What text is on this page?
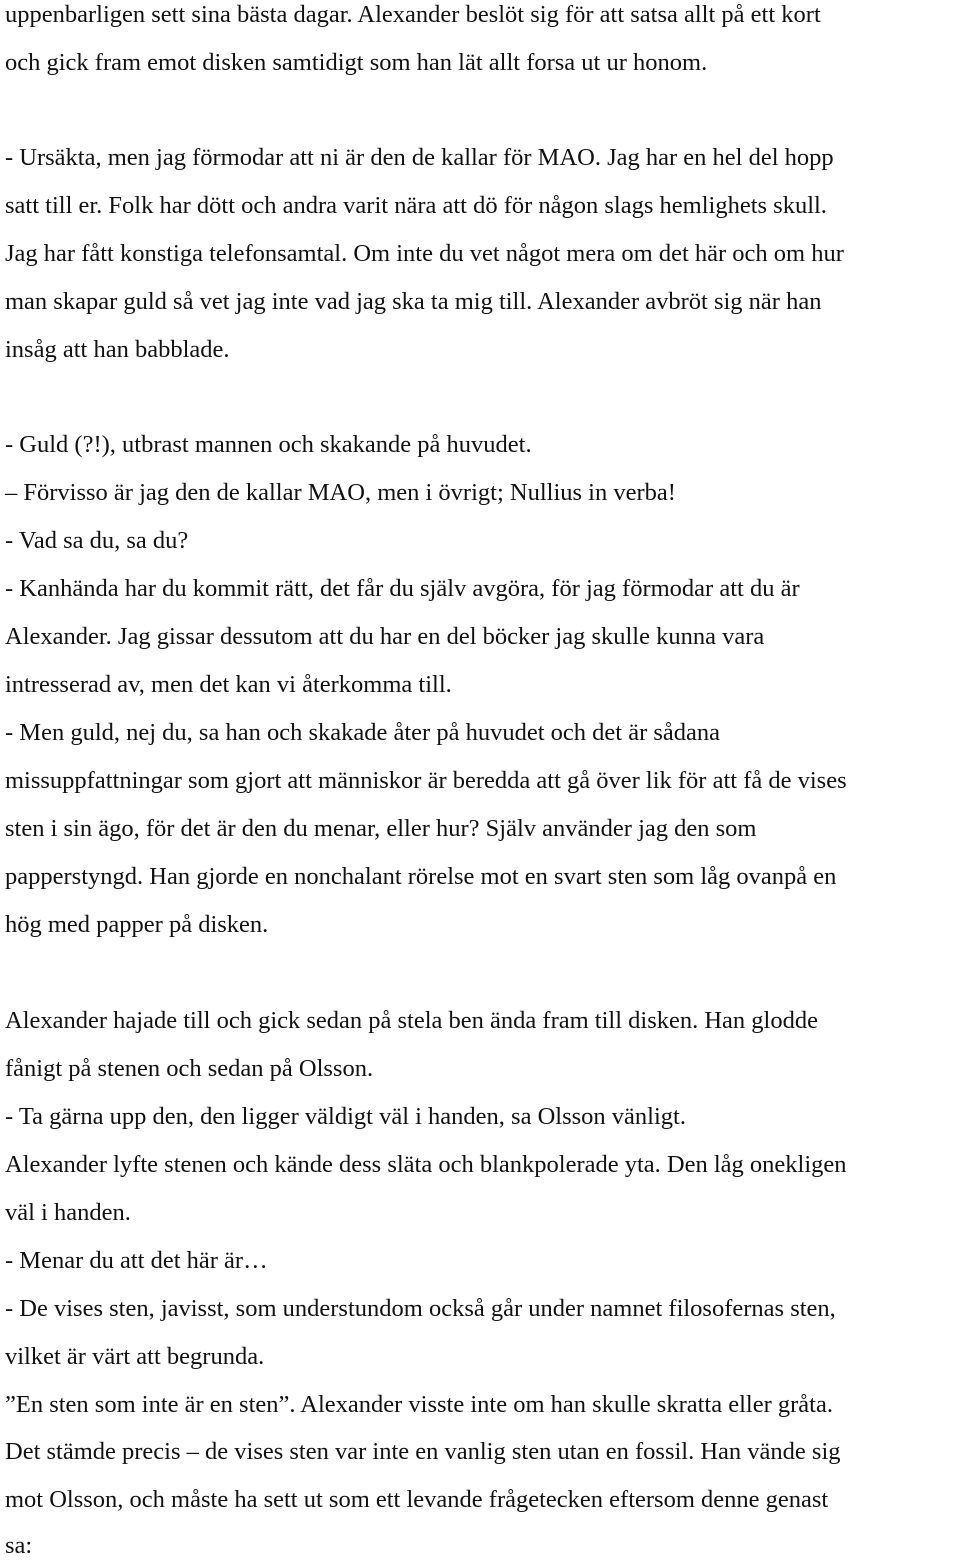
uppenbarligen sett sina bästa dagar. Alexander beslöt sig för att satsa allt på ett kort
och gick fram emot disken samtidigt som han lät allt forsa ut ur honom.
- Ursäkta, men jag förmodar att ni är den de kallar för MAO. Jag har en hel del hopp
satt till er. Folk har dött och andra varit nära att dö för någon slags hemlighets skull.
Jag har fått konstiga telefonsamtal. Om inte du vet något mera om det här och om hur
man skapar guld så vet jag inte vad jag ska ta mig till. Alexander avbröt sig när han
insåg att han babblade.
- Guld (?!), utbrast mannen och skakande på huvudet.
– Förvisso är jag den de kallar MAO, men i övrigt; Nullius in verba!
- Vad sa du, sa du?
- Kanhända har du kommit rätt, det får du själv avgöra, för jag förmodar att du är
Alexander. Jag gissar dessutom att du har en del böcker jag skulle kunna vara
intresserad av, men det kan vi återkomma till.
- Men guld, nej du, sa han och skakade åter på huvudet och det är sådana
missuppfattningar som gjort att människor är beredda att gå över lik för att få de vises
sten i sin ägo, för det är den du menar, eller hur? Själv använder jag den som
papperstyngd. Han gjorde en nonchalant rörelse mot en svart sten som låg ovanpå en
hög med papper på disken.
Alexander hajade till och gick sedan på stela ben ända fram till disken. Han glodde
fånigt på stenen och sedan på Olsson.
- Ta gärna upp den, den ligger väldigt väl i handen, sa Olsson vänligt.
Alexander lyfte stenen och kände dess släta och blankpolerade yta. Den låg onekligen
väl i handen.
- Menar du att det här är…
- De vises sten, javisst, som understundom också går under namnet filosofernas sten,
vilket är värt att begrunda.
”En sten som inte är en sten”. Alexander visste inte om han skulle skratta eller gråta.
Det stämde precis – de vises sten var inte en vanlig sten utan en fossil. Han vände sig
mot Olsson, och måste ha sett ut som ett levande frågetecken eftersom denne genast
sa:
